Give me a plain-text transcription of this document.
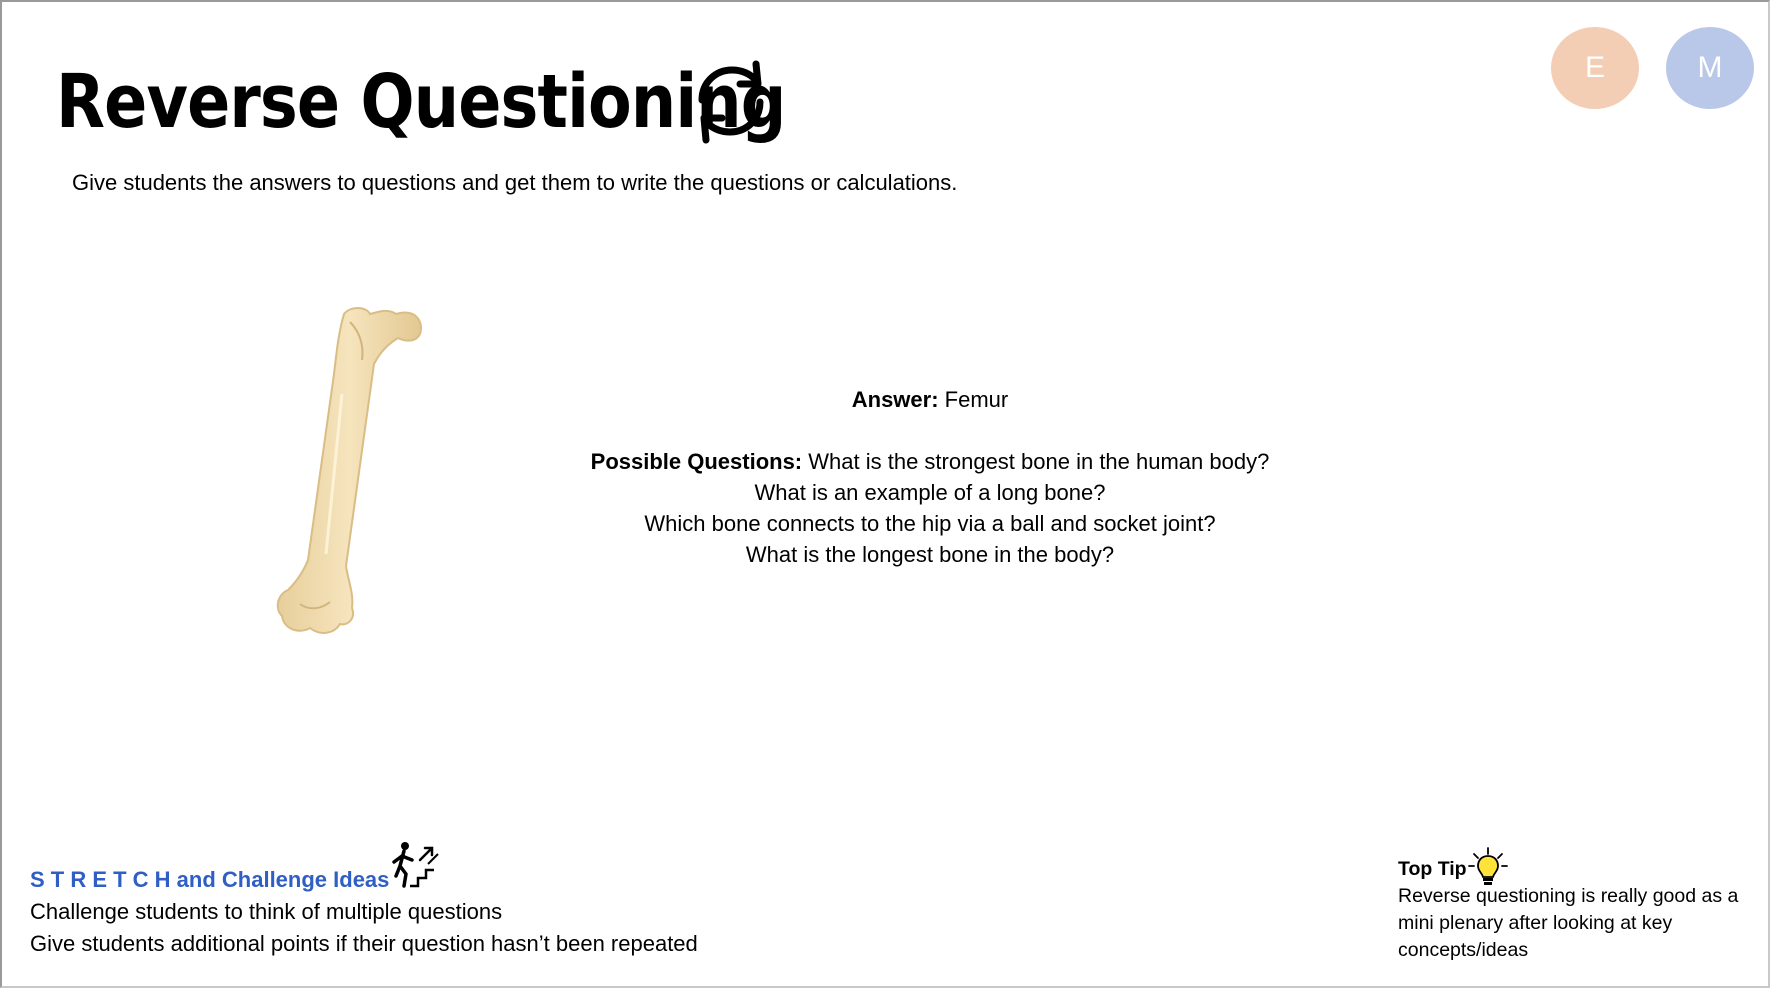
Reverse Questioning
Give students the answers to questions and get them to write the questions or calculations.
E	M
Answer: Femur
Possible Questions: What is the strongest bone in the human body?
What is an example of a long bone?
Which bone connects to the hip via a ball and socket joint?
What is the longest bone in the body?
S T R E T C H and Challenge Ideas
Challenge students to think of multiple questions
Give students additional points if their question hasn’t been repeated
Top Tip
Reverse questioning is really good as a mini plenary after looking at key concepts/ideas
